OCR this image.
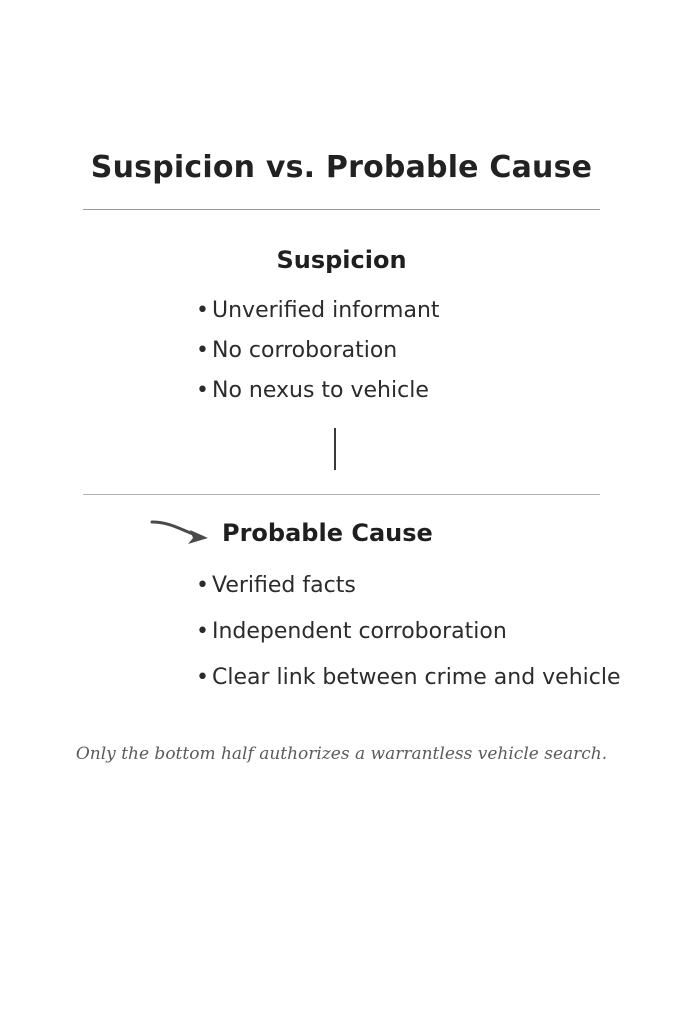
Suspicion vs. Probable Cause
Suspicion
• Unverified informant
• No corroboration
• No nexus to vehicle
Probable Cause
• Verified facts
• Independent corroboration
• Clear link between crime and vehicle
Only the bottom half authorizes a warrantless vehicle search.
